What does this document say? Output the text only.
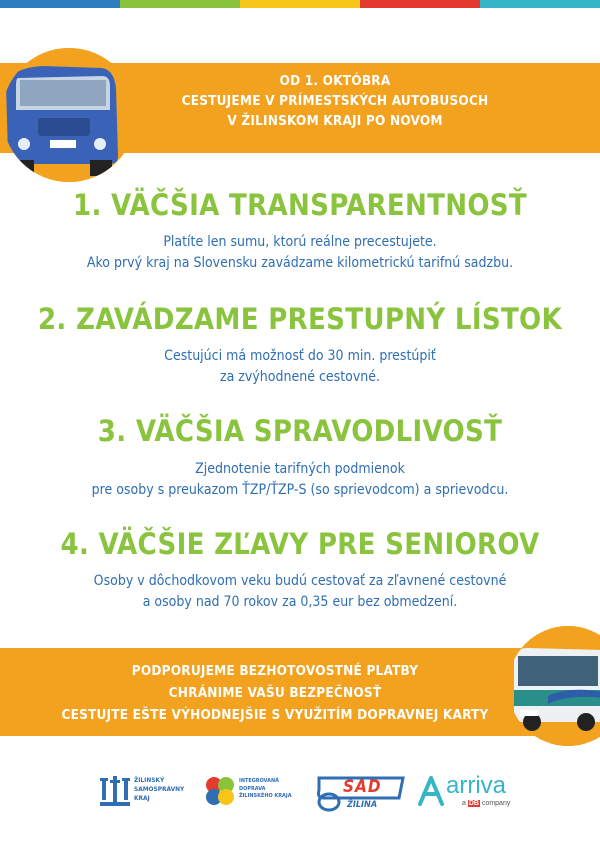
OD 1. OKTÓBRA
CESTUJEME V PRÍMESTSKÝCH AUTOBUSOCH
V ŽILINSKOM KRAJI PO NOVOM
1. VÄČŠIA TRANSPARENTNOSŤ
Platíte len sumu, ktorú reálne precestujete.
Ako prvý kraj na Slovensku zavádzame kilometrickú tarifnú sadzbu.
2. ZAVÁDZAME PRESTUPNÝ LÍSTOK
Cestujúci má možnosť do 30 min. prestúpiť
za zvýhodnené cestovné.
3. VÄČŠIA SPRAVODLIVOSŤ
Zjednotenie tarifných podmienok
pre osoby s preukazom ŤZP/ŤZP-S (so sprievodcom) a sprievodcu.
4. VÄČŠIE ZĽAVY PRE SENIOROV
Osoby v dôchodkovom veku budú cestovať za zľavnené cestovné
a osoby nad 70 rokov za 0,35 eur bez obmedzení.
PODPORUJEME BEZHOTOVOSTNÉ PLATBY
CHRÁNIME VAŠU BEZPEČNOSŤ
CESTUJTE EŠTE VÝHODNEJŠIE S VYUŽITÍM DOPRAVNEJ KARTY
ŽILINSKÝ
SAMOSPRÁVNY
KRAJ
INTEGROVANÁ
DOPRAVA
ŽILINSKÉHO KRAJA	SAD
ŽILINA
arriva
a DB company
